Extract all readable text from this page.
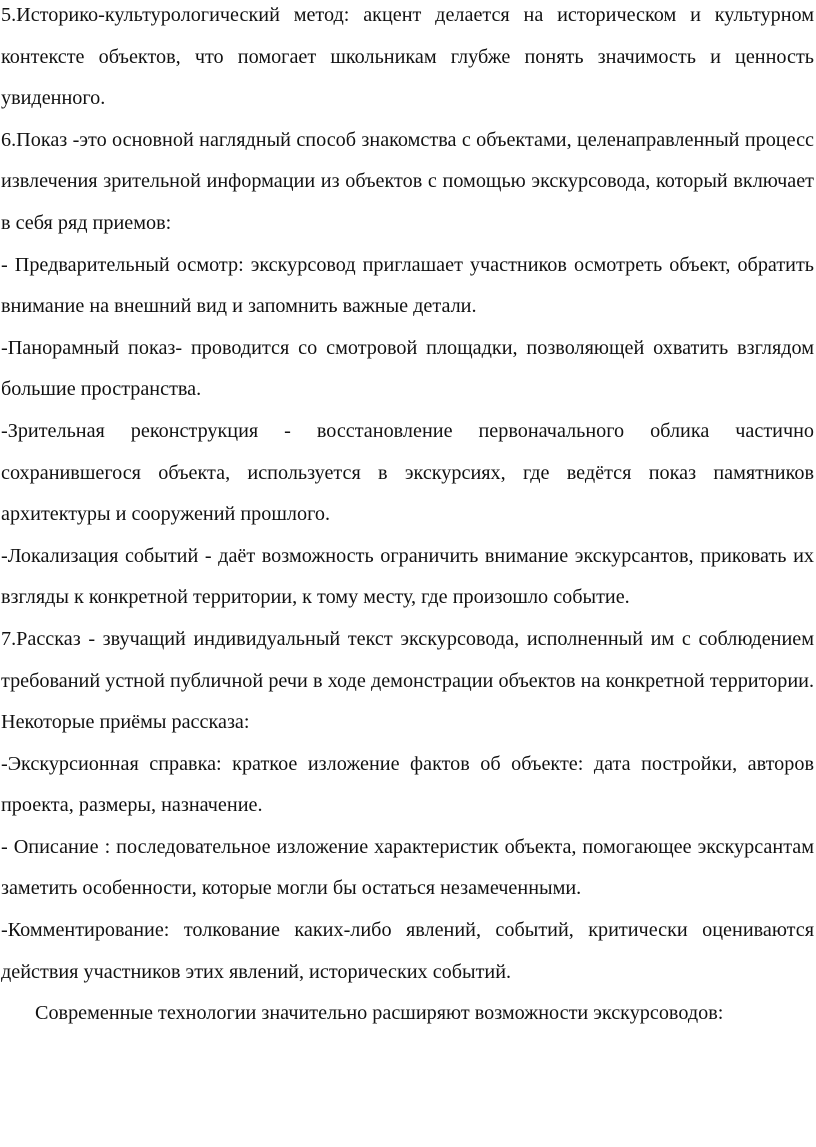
5.Историко-культурологический метод: акцент делается на историческом и культурном контексте объектов, что помогает школьникам глубже понять значимость и ценность увиденного.

6.Показ -это основной наглядный способ знакомства с объектами, целенаправленный процесс извлечения зрительной информации из объектов с помощью экскурсовода, который включает в себя ряд приемов:

- Предварительный осмотр: экскурсовод приглашает участников осмотреть объект, обратить внимание на внешний вид и запомнить важные детали.

-Панорамный показ- проводится со смотровой площадки, позволяющей охватить взглядом большие пространства.

-Зрительная реконструкция - восстановление первоначального облика частично сохранившегося объекта, используется в экскурсиях, где ведётся показ памятников архитектуры и сооружений прошлого.

-Локализация событий - даёт возможность ограничить внимание экскурсантов, приковать их взгляды к конкретной территории, к тому месту, где произошло событие.

7.Рассказ - звучащий индивидуальный текст экскурсовода, исполненный им с соблюдением требований устной публичной речи в ходе демонстрации объектов на конкретной территории. Некоторые приёмы рассказа:

-Экскурсионная справка: краткое изложение фактов об объекте: дата постройки, авторов проекта, размеры, назначение.

- Описание : последовательное изложение характеристик объекта, помогающее экскурсантам заметить особенности, которые могли бы остаться незамеченными.

-Комментирование: толкование каких-либо явлений, событий, критически оцениваются действия участников этих явлений, исторических событий.

Современные технологии значительно расширяют возможности экскурсоводов:
